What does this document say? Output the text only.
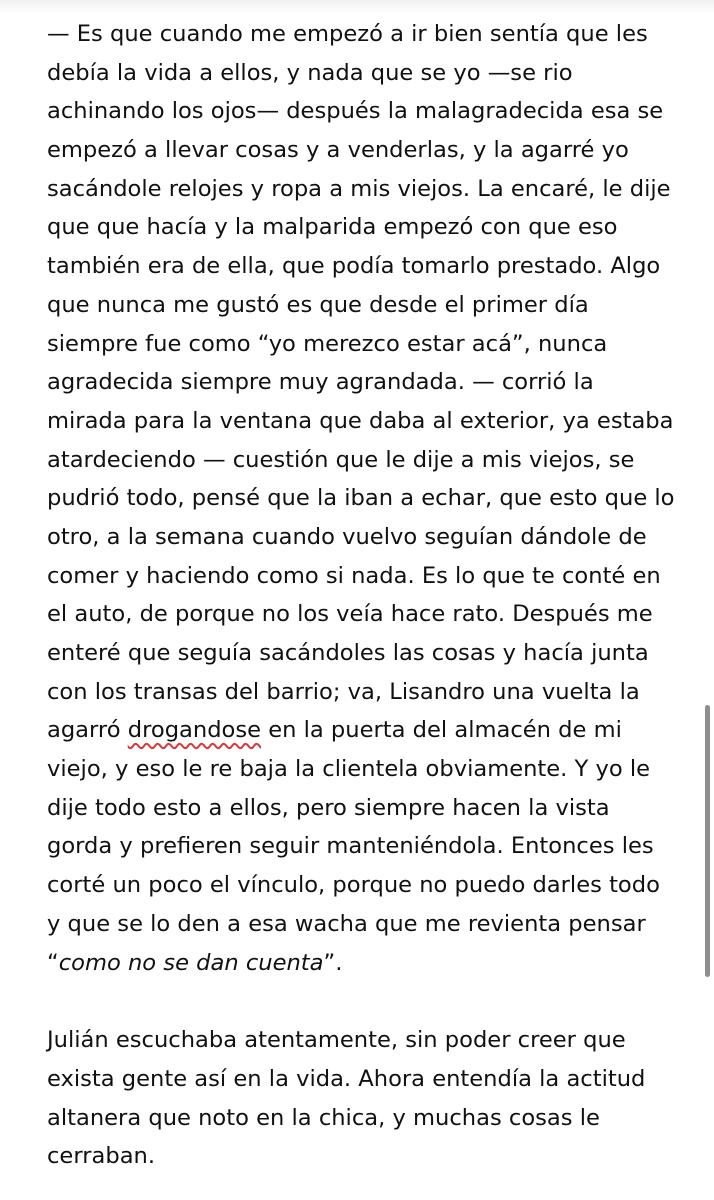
— Es que cuando me empezó a ir bien sentía que les
debía la vida a ellos, y nada que se yo —se rio
achinando los ojos— después la malagradecida esa se
empezó a llevar cosas y a venderlas, y la agarré yo
sacándole relojes y ropa a mis viejos. La encaré, le dije
que que hacía y la malparida empezó con que eso
también era de ella, que podía tomarlo prestado. Algo
que nunca me gustó es que desde el primer día
siempre fue como “yo merezco estar acá”, nunca
agradecida siempre muy agrandada. — corrió la
mirada para la ventana que daba al exterior, ya estaba
atardeciendo — cuestión que le dije a mis viejos, se
pudrió todo, pensé que la iban a echar, que esto que lo
otro, a la semana cuando vuelvo seguían dándole de
comer y haciendo como si nada. Es lo que te conté en
el auto, de porque no los veía hace rato. Después me
enteré que seguía sacándoles las cosas y hacía junta
con los transas del barrio; va, Lisandro una vuelta la
agarró drogandose en la puerta del almacén de mi
viejo, y eso le re baja la clientela obviamente. Y yo le
dije todo esto a ellos, pero siempre hacen la vista
gorda y prefieren seguir manteniéndola. Entonces les
corté un poco el vínculo, porque no puedo darles todo
y que se lo den a esa wacha que me revienta pensar
“como no se dan cuenta”.
Julián escuchaba atentamente, sin poder creer que
exista gente así en la vida. Ahora entendía la actitud
altanera que noto en la chica, y muchas cosas le
cerraban.
